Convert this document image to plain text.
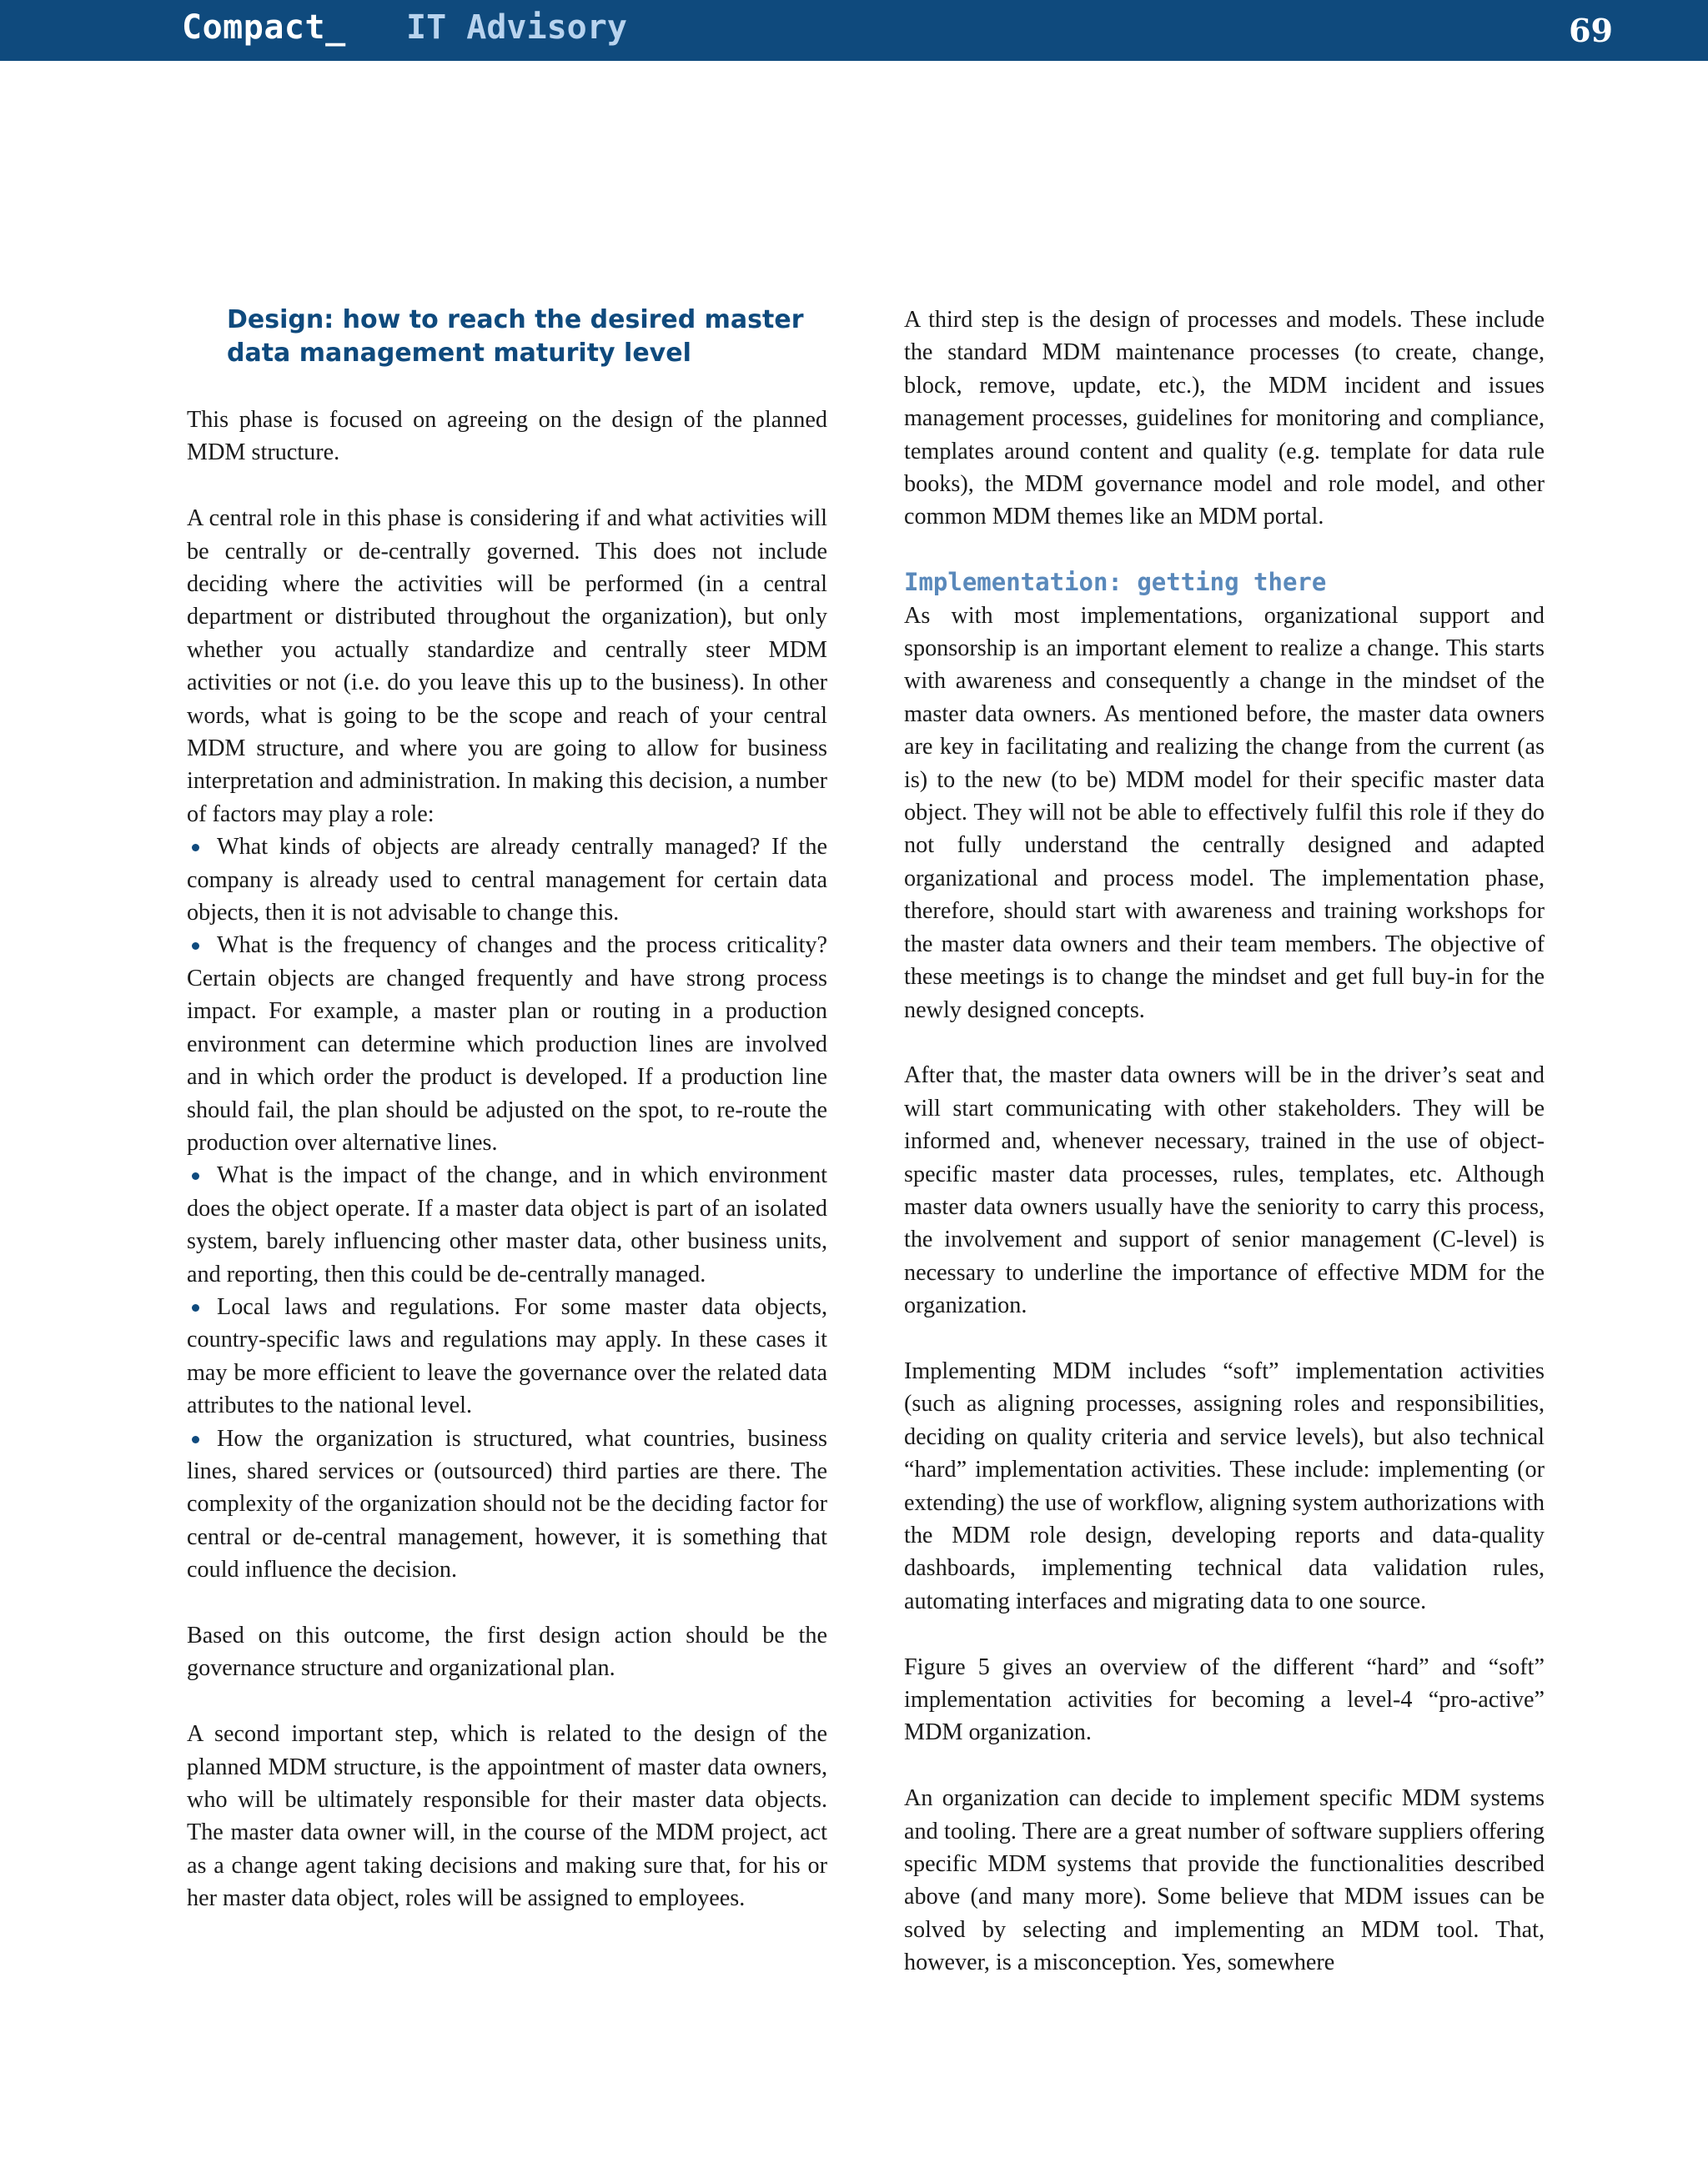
Compact_ IT Advisory	69
Design: how to reach the desired master data management maturity level

This phase is focused on agreeing on the design of the planned MDM structure.

A central role in this phase is considering if and what activities will be centrally or de-centrally governed. This does not include deciding where the activities will be performed (in a central department or distributed throughout the organization), but only whether you actually standardize and centrally steer MDM activities or not (i.e. do you leave this up to the business). In other words, what is going to be the scope and reach of your central MDM structure, and where you are going to allow for business interpretation and administration. In making this decision, a number of factors may play a role:

What kinds of objects are already centrally managed? If the company is already used to central management for certain data objects, then it is not advisable to change this.
What is the frequency of changes and the process criticality? Certain objects are changed frequently and have strong process impact. For example, a master plan or routing in a production environment can determine which production lines are involved and in which order the product is developed. If a production line should fail, the plan should be adjusted on the spot, to re-route the production over alternative lines.
What is the impact of the change, and in which environment does the object operate. If a master data object is part of an isolated system, barely influencing other master data, other business units, and reporting, then this could be de-centrally managed.
Local laws and regulations. For some master data objects, country-specific laws and regulations may apply. In these cases it may be more efficient to leave the governance over the related data attributes to the national level.
How the organization is structured, what countries, business lines, shared services or (outsourced) third parties are there. The complexity of the organization should not be the deciding factor for central or de-central management, however, it is something that could influence the decision.

Based on this outcome, the first design action should be the governance structure and organizational plan.

A second important step, which is related to the design of the planned MDM structure, is the appointment of master data owners, who will be ultimately responsible for their master data objects. The master data owner will, in the course of the MDM project, act as a change agent taking decisions and making sure that, for his or her master data object, roles will be assigned to employees.

A third step is the design of processes and models. These include the standard MDM maintenance processes (to create, change, block, remove, update, etc.), the MDM incident and issues management processes, guidelines for monitoring and compliance, templates around content and quality (e.g. template for data rule books), the MDM governance model and role model, and other common MDM themes like an MDM portal.

Implementation: getting there

As with most implementations, organizational support and sponsorship is an important element to realize a change. This starts with awareness and consequently a change in the mindset of the master data owners. As mentioned before, the master data owners are key in facilitating and realizing the change from the current (as is) to the new (to be) MDM model for their specific master data object. They will not be able to effectively fulfil this role if they do not fully understand the centrally designed and adapted organizational and process model. The implementation phase, therefore, should start with awareness and training workshops for the master data owners and their team members. The objective of these meetings is to change the mindset and get full buy-in for the newly designed concepts.

After that, the master data owners will be in the driver’s seat and will start communicating with other stakeholders. They will be informed and, whenever necessary, trained in the use of object-specific master data processes, rules, templates, etc. Although master data owners usually have the seniority to carry this process, the involvement and support of senior management (C-level) is necessary to underline the importance of effective MDM for the organization.

Implementing MDM includes “soft” implementation activities (such as aligning processes, assigning roles and responsibilities, deciding on quality criteria and service levels), but also technical “hard” implementation activities. These include: implementing (or extending) the use of workflow, aligning system authorizations with the MDM role design, developing reports and data-quality dashboards, implementing technical data validation rules, automating interfaces and migrating data to one source.

Figure 5 gives an overview of the different “hard” and “soft” implementation activities for becoming a level-4 “pro-active” MDM organization.

An organization can decide to implement specific MDM systems and tooling. There are a great number of software suppliers offering specific MDM systems that provide the functionalities described above (and many more). Some believe that MDM issues can be solved by selecting and implementing an MDM tool. That, however, is a misconception. Yes, somewhere
